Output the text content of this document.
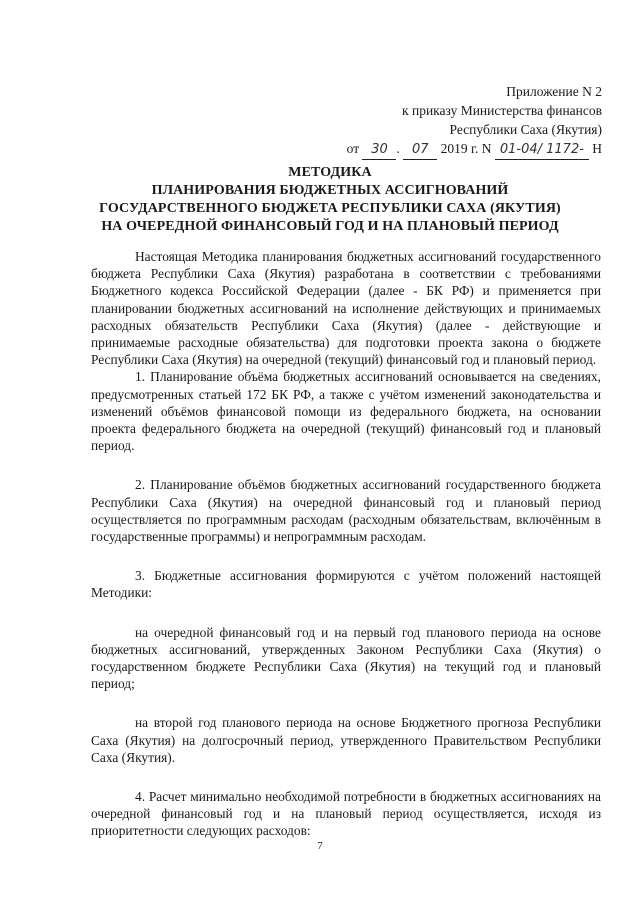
Приложение N 2
к приказу Министерства финансов
Республики Саха (Якутия)
от 30 . 07 2019 г. N 01-04/ 1172- Н
МЕТОДИКА
ПЛАНИРОВАНИЯ БЮДЖЕТНЫХ АССИГНОВАНИЙ
ГОСУДАРСТВЕННОГО БЮДЖЕТА РЕСПУБЛИКИ САХА (ЯКУТИЯ)
НА ОЧЕРЕДНОЙ ФИНАНСОВЫЙ ГОД И НА ПЛАНОВЫЙ ПЕРИОД

Настоящая Методика планирования бюджетных ассигнований государственного бюджета Республики Саха (Якутия) разработана в соответствии с требованиями Бюджетного кодекса Российской Федерации (далее - БК РФ) и применяется при планировании бюджетных ассигнований на исполнение действующих и принимаемых расходных обязательств Республики Саха (Якутия) (далее - действующие и принимаемые расходные обязательства) для подготовки проекта закона о бюджете Республики Саха (Якутия) на очередной (текущий) финансовый год и плановый период.

1. Планирование объёма бюджетных ассигнований основывается на сведениях, предусмотренных статьей 172 БК РФ, а также с учётом изменений законодательства и изменений объёмов финансовой помощи из федерального бюджета, на основании проекта федерального бюджета на очередной (текущий) финансовый год и плановый период.

2. Планирование объёмов бюджетных ассигнований государственного бюджета Республики Саха (Якутия) на очередной финансовый год и плановый период осуществляется по программным расходам (расходным обязательствам, включённым в государственные программы) и непрограммным расходам.

3. Бюджетные ассигнования формируются с учётом положений настоящей Методики:

на очередной финансовый год и на первый год планового периода на основе бюджетных ассигнований, утвержденных Законом Республики Саха (Якутия) о государственном бюджете Республики Саха (Якутия) на текущий год и плановый период;

на второй год планового периода на основе Бюджетного прогноза Республики Саха (Якутия) на долгосрочный период, утвержденного Правительством Республики Саха (Якутия).

4. Расчет минимально необходимой потребности в бюджетных ассигнованиях на очередной финансовый год и на плановый период осуществляется, исходя из приоритетности следующих расходов:

7
